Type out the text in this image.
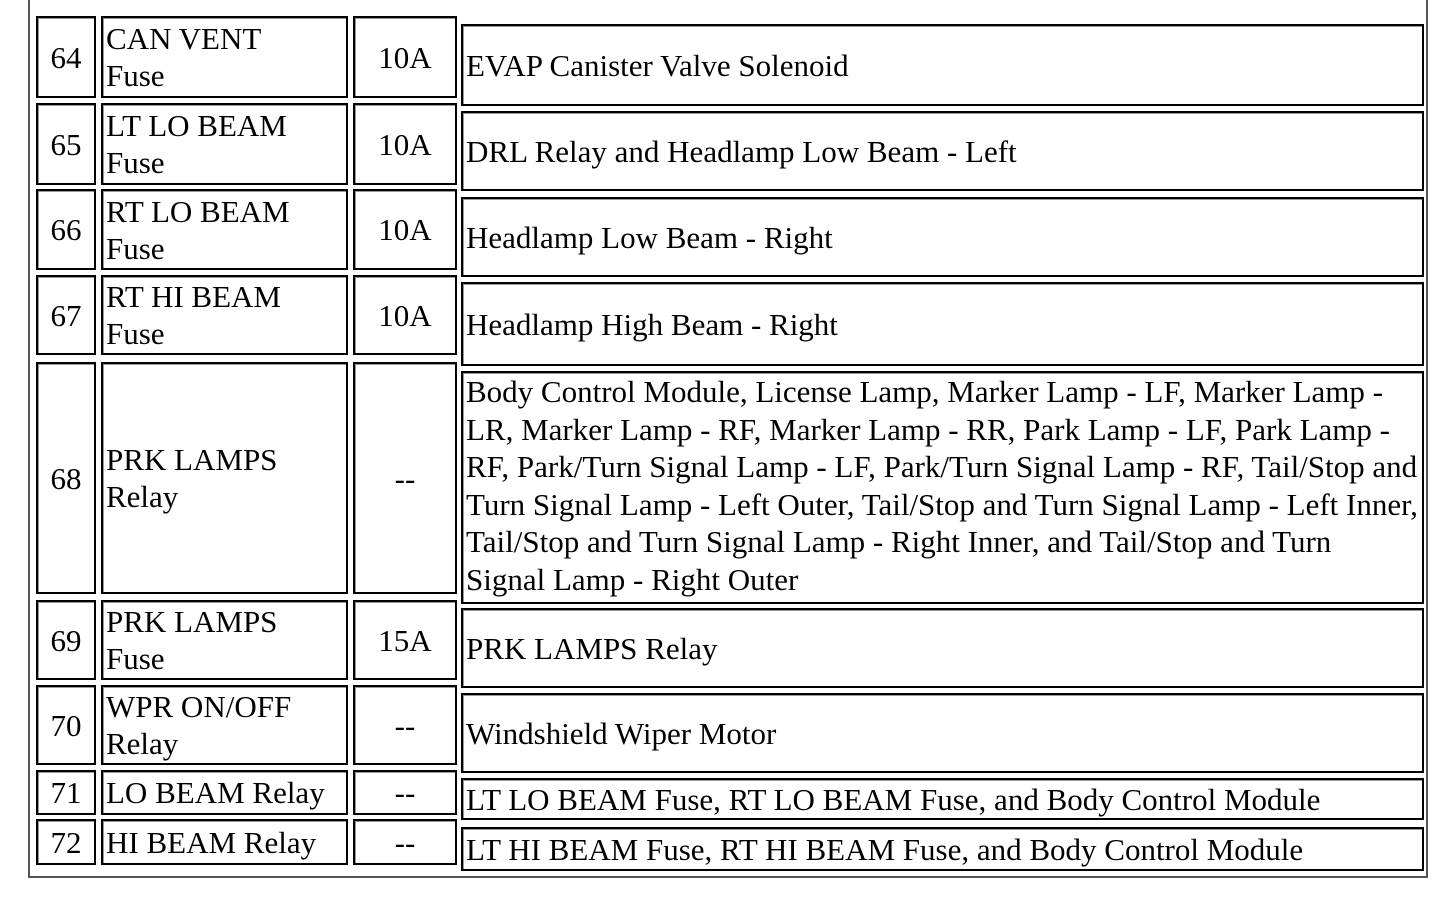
64
CAN VENT
Fuse
10A EVAP Canister Valve Solenoid
65
LT LO BEAM
Fuse
10A DRL Relay and Headlamp Low Beam - Left
66
RT LO BEAM
Fuse
10A Headlamp Low Beam - Right
67
RT HI BEAM
Fuse
10A Headlamp High Beam - Right
68
PRK LAMPS
Relay
--
Body Control Module, License Lamp, Marker Lamp - LF, Marker Lamp - LR, Marker Lamp - RF, Marker Lamp - RR, Park Lamp - LF, Park Lamp - RF, Park/Turn Signal Lamp - LF, Park/Turn Signal Lamp - RF, Tail/Stop and Turn Signal Lamp - Left Outer, Tail/Stop and Turn Signal Lamp - Left Inner, Tail/Stop and Turn Signal Lamp - Right Inner, and Tail/Stop and Turn Signal Lamp - Right Outer
69
PRK LAMPS
Fuse
15A PRK LAMPS Relay
70
WPR ON/OFF
Relay
-- Windshield Wiper Motor
71 LO BEAM Relay	-- LT LO BEAM Fuse, RT LO BEAM Fuse, and Body Control Module
72 HI BEAM Relay	-- LT HI BEAM Fuse, RT HI BEAM Fuse, and Body Control Module
